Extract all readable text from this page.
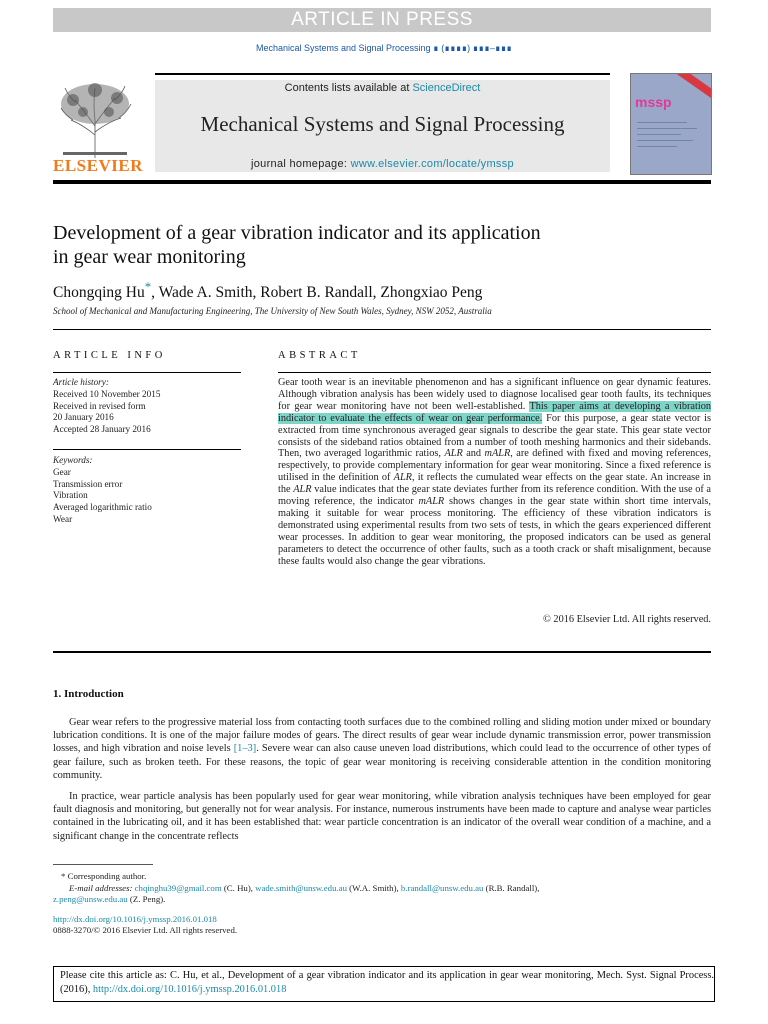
ARTICLE IN PRESS
Mechanical Systems and Signal Processing ∎ (∎∎∎∎) ∎∎∎–∎∎∎
ELSEVIER
Contents lists available at ScienceDirect
Mechanical Systems and Signal Processing
journal homepage: www.elsevier.com/locate/ymssp
mssp
Development of a gear vibration indicator and its application
in gear wear monitoring
Chongqing Hu*, Wade A. Smith, Robert B. Randall, Zhongxiao Peng
School of Mechanical and Manufacturing Engineering, The University of New South Wales, Sydney, NSW 2052, Australia
ARTICLE INFO
Article history:
Received 10 November 2015
Received in revised form
20 January 2016
Accepted 28 January 2016
Keywords:
Gear
Transmission error
Vibration
Averaged logarithmic ratio
Wear
ABSTRACT
Gear tooth wear is an inevitable phenomenon and has a significant influence on gear dynamic features. Although vibration analysis has been widely used to diagnose localised gear tooth faults, its techniques for gear wear monitoring have not been well-established. This paper aims at developing a vibration indicator to evaluate the effects of wear on gear performance. For this purpose, a gear state vector is extracted from time synchronous averaged gear signals to describe the gear state. This gear state vector consists of the sideband ratios obtained from a number of tooth meshing harmonics and their sidebands. Then, two averaged logarithmic ratios, ALR and mALR, are defined with fixed and moving references, respectively, to provide complementary information for gear wear monitoring. Since a fixed reference is utilised in the definition of ALR, it reflects the cumulated wear effects on the gear state. An increase in the ALR value indicates that the gear state deviates further from its reference condition. With the use of a moving reference, the indicator mALR shows changes in the gear state within short time intervals, making it suitable for wear process monitoring. The efficiency of these vibration indicators is demonstrated using experimental results from two sets of tests, in which the gears experienced different wear processes. In addition to gear wear monitoring, the proposed indicators can be used as general parameters to detect the occurrence of other faults, such as a tooth crack or shaft misalignment, because these faults would also change the gear vibrations.
© 2016 Elsevier Ltd. All rights reserved.
1. Introduction
Gear wear refers to the progressive material loss from contacting tooth surfaces due to the combined rolling and sliding motion under mixed or boundary lubrication conditions. It is one of the major failure modes of gears. The direct results of gear wear include dynamic transmission error, power transmission losses, and high vibration and noise levels [1–3]. Severe wear can also cause uneven load distributions, which could lead to the occurrence of other types of gear failure, such as broken teeth. For these reasons, the topic of gear wear monitoring is receiving considerable attention in the condition monitoring community.
In practice, wear particle analysis has been popularly used for gear wear monitoring, while vibration analysis techniques have been employed for gear fault diagnosis and monitoring, but generally not for wear analysis. For instance, numerous instruments have been made to capture and analyse wear particles contained in the lubricating oil, and it has been established that: wear particle concentration is an indicator of the overall wear condition of a machine, and a significant change in the concentrate reflects
* Corresponding author.
E-mail addresses: chqinghu39@gmail.com (C. Hu), wade.smith@unsw.edu.au (W.A. Smith), b.randall@unsw.edu.au (R.B. Randall),
z.peng@unsw.edu.au (Z. Peng).
http://dx.doi.org/10.1016/j.ymssp.2016.01.018
0888-3270/© 2016 Elsevier Ltd. All rights reserved.
Please cite this article as: C. Hu, et al., Development of a gear vibration indicator and its application in gear wear monitoring, Mech. Syst. Signal Process. (2016), http://dx.doi.org/10.1016/j.ymssp.2016.01.018
